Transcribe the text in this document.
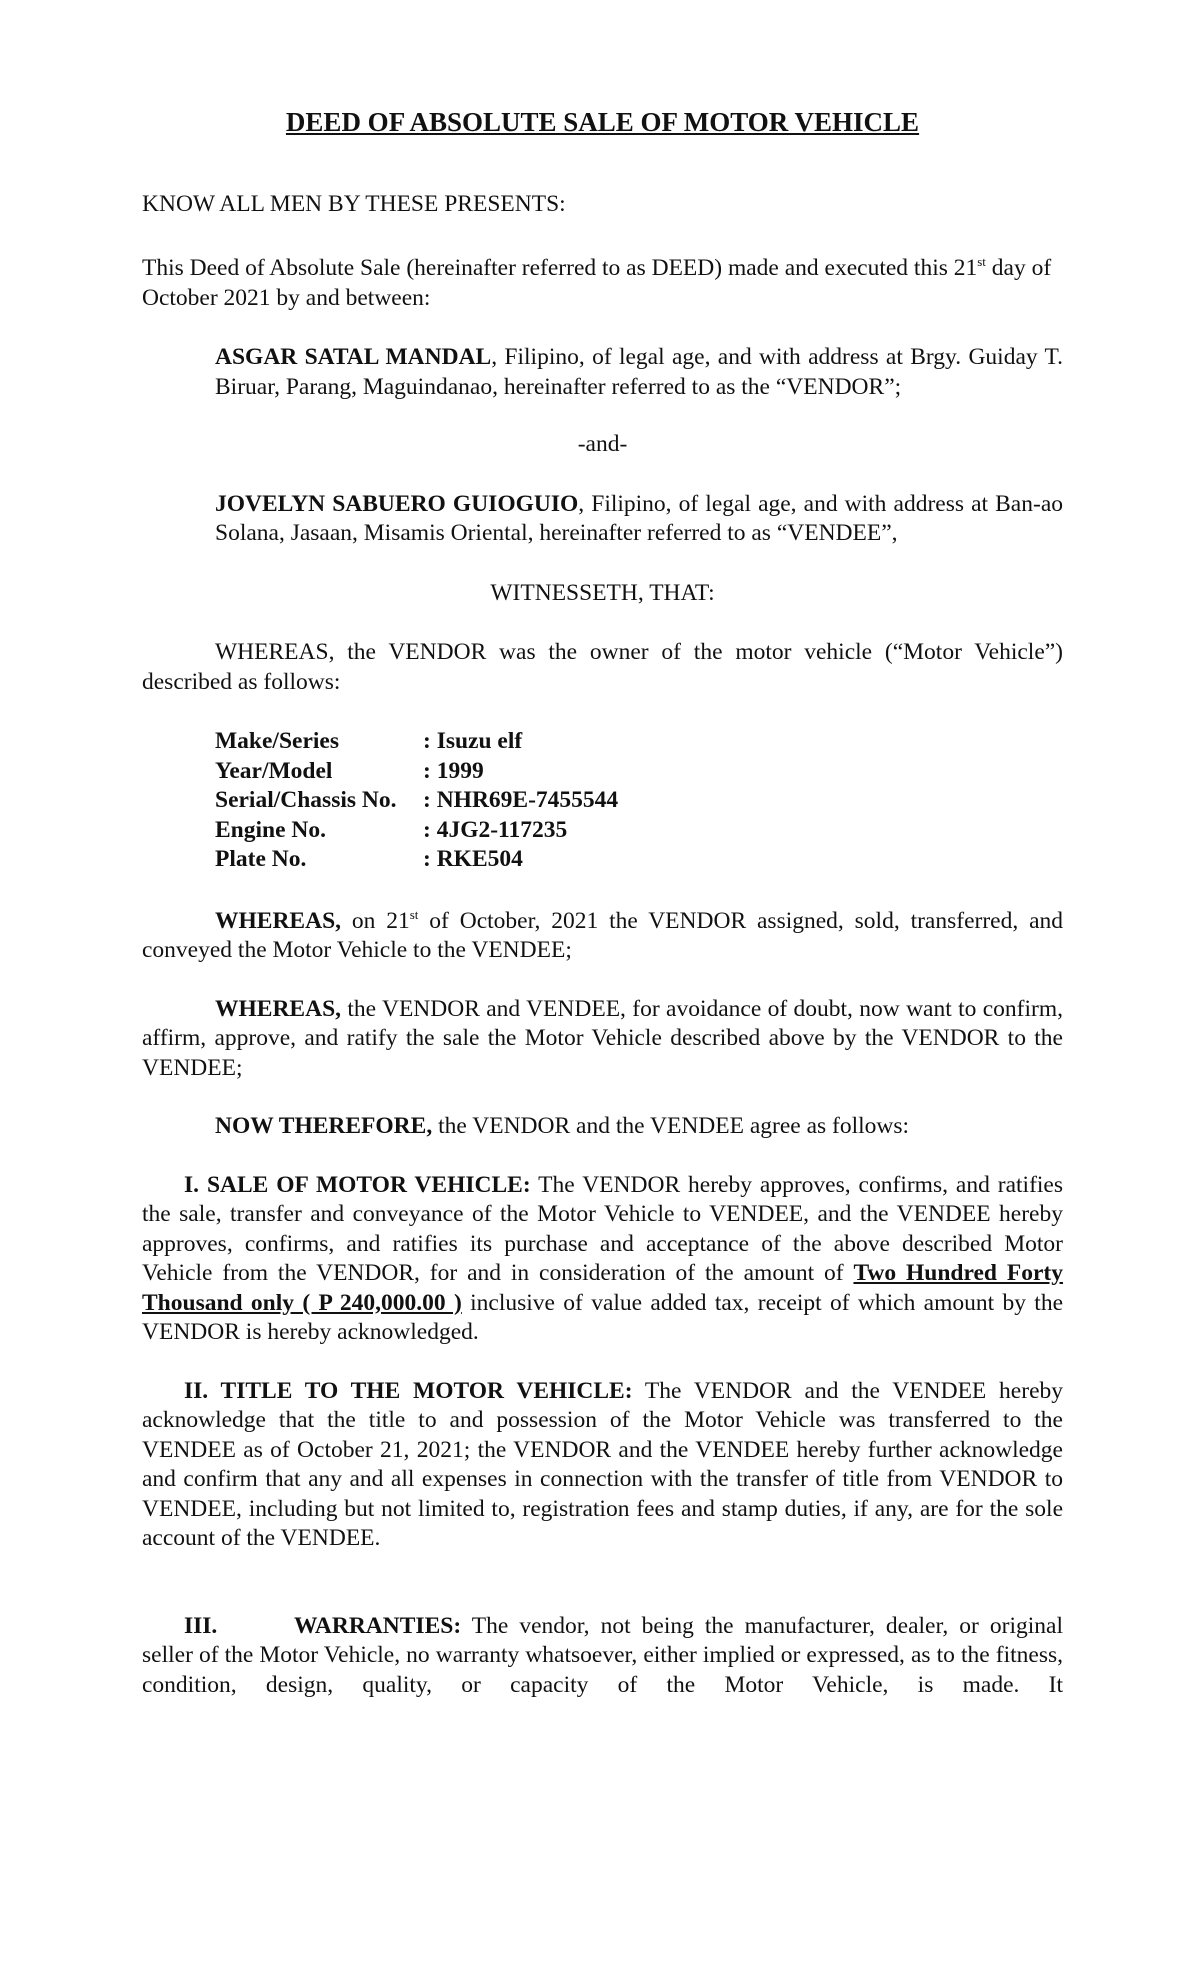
DEED OF ABSOLUTE SALE OF MOTOR VEHICLE

KNOW ALL MEN BY THESE PRESENTS:

This Deed of Absolute Sale (hereinafter referred to as DEED) made and executed this 21st day of October 2021 by and between:

ASGAR SATAL MANDAL, Filipino, of legal age, and with address at Brgy. Guiday T. Biruar, Parang, Maguindanao, hereinafter referred to as the “VENDOR”;

-and-

JOVELYN SABUERO GUIOGUIO, Filipino, of legal age, and with address at Ban-ao Solana, Jasaan, Misamis Oriental, hereinafter referred to as “VENDEE”,

WITNESSETH, THAT:

WHEREAS, the VENDOR was the owner of the motor vehicle (“Motor Vehicle”) described as follows:

Make/Series	: Isuzu elf
Year/Model	: 1999
Serial/Chassis No.	: NHR69E-7455544
Engine No.	: 4JG2-117235
Plate No.	: RKE504

WHEREAS, on 21st of October, 2021 the VENDOR assigned, sold, transferred, and conveyed the Motor Vehicle to the VENDEE;

WHEREAS, the VENDOR and VENDEE, for avoidance of doubt, now want to confirm, affirm, approve, and ratify the sale the Motor Vehicle described above by the VENDOR to the VENDEE;

NOW THEREFORE, the VENDOR and the VENDEE agree as follows:

I. SALE OF MOTOR VEHICLE: The VENDOR hereby approves, confirms, and ratifies the sale, transfer and conveyance of the Motor Vehicle to VENDEE, and the VENDEE hereby approves, confirms, and ratifies its purchase and acceptance of the above described Motor Vehicle from the VENDOR, for and in consideration of the amount of Two Hundred Forty Thousand only ( P 240,000.00 ) inclusive of value added tax, receipt of which amount by the VENDOR is hereby acknowledged.

II. TITLE TO THE MOTOR VEHICLE: The VENDOR and the VENDEE hereby acknowledge that the title to and possession of the Motor Vehicle was transferred to the VENDEE as of October 21, 2021; the VENDOR and the VENDEE hereby further acknowledge and confirm that any and all expenses in connection with the transfer of title from VENDOR to VENDEE, including but not limited to, registration fees and stamp duties, if any, are for the sole account of the VENDEE.

III.	WARRANTIES: The vendor, not being the manufacturer, dealer, or original seller of the Motor Vehicle, no warranty whatsoever, either implied or expressed, as to the fitness, condition, design, quality, or capacity of the Motor Vehicle, is made. It
